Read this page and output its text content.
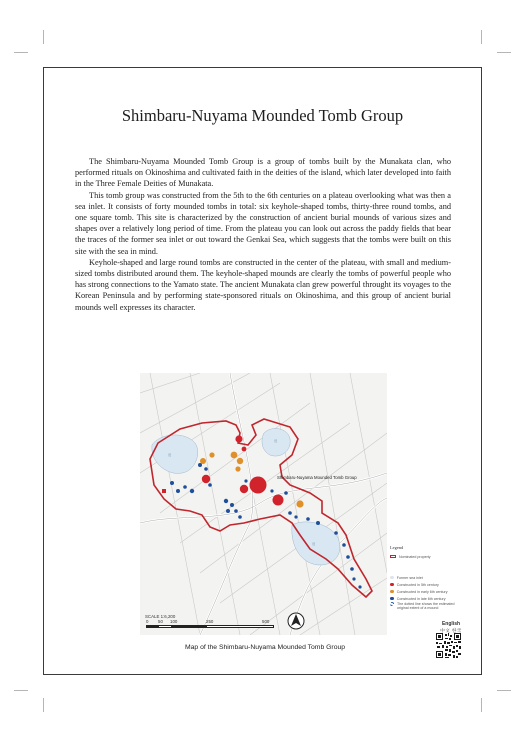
Shimbaru-Nuyama Mounded Tomb Group

The Shimbaru-Nuyama Mounded Tomb Group is a group of tombs built by the Munakata clan, who performed rituals on Okinoshima and cultivated faith in the deities of the island, which later developed into faith in the Three Female Deities of Munakata.

This tomb group was constructed from the 5th to the 6th centuries on a plateau overlooking what was then a sea inlet. It consists of forty mounded tombs in total: six keyhole-shaped tombs, thirty-three round tombs, and one square tomb. This site is characterized by the construction of ancient burial mounds of various sizes and shapes over a relatively long period of time. From the plateau you can look out across the paddy fields that bear the traces of the former sea inlet or out toward the Genkai Sea, which suggests that the tombs were built on this site with the sea in mind.

Keyhole-shaped and large round tombs are constructed in the center of the plateau, with small and medium-sized tombs distributed around them. The keyhole-shaped mounds are clearly the tombs of powerful people who has strong connections to the Yamato state. The ancient Munakata clan grew powerful throught its voyages to the Korean Peninsula and by performing state-sponsored rituals on Okinoshima, and this group of ancient burial mounds well expresses its character.

池
池
池
Shimbaru-Nuyama Mounded Tomb Group
SCALE 1:6,200
0 50 100	250	500
Map of the Shimbaru-Nuyama Mounded Tomb Group
Legend
Nominated property
Former sea inlet
Constructed in 5th century
Constructed in early 6th century
Constructed in late 6th century
The dotted line shows the estimated original extent of a mound
English
中文 한국
